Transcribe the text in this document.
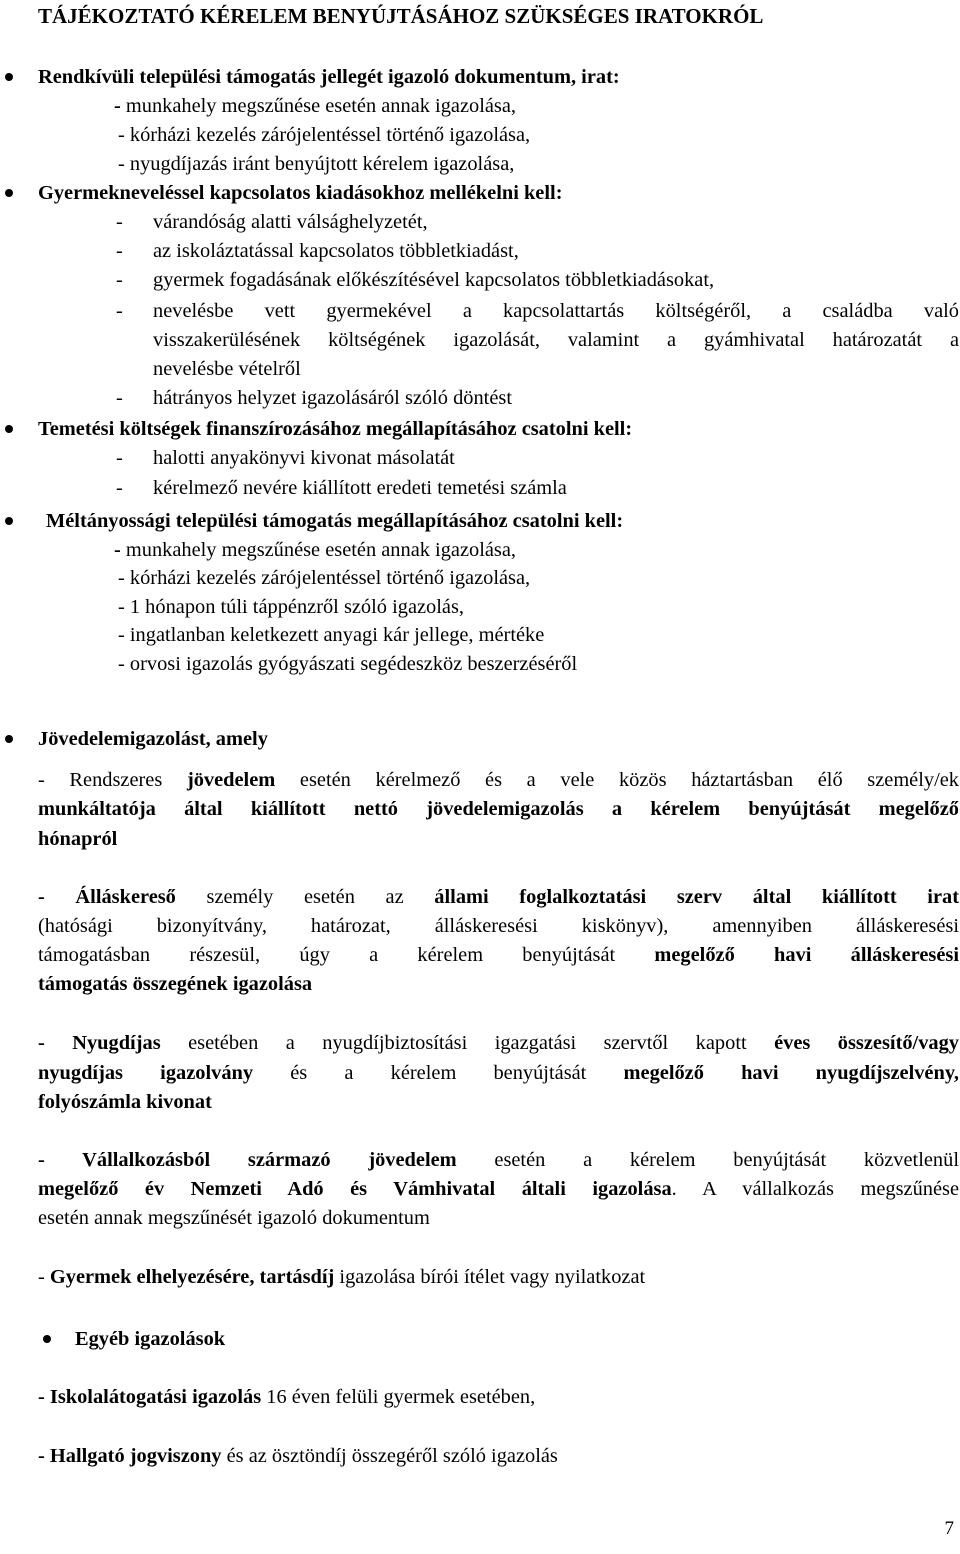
TÁJÉKOZTATÓ KÉRELEM BENYÚJTÁSÁHOZ SZÜKSÉGES IRATOKRÓL
Rendkívüli települési támogatás jellegét igazoló dokumentum, irat:
- munkahely megszűnése esetén annak igazolása,
- kórházi kezelés zárójelentéssel történő igazolása,
- nyugdíjazás iránt benyújtott kérelem igazolása,
Gyermekneveléssel kapcsolatos kiadásokhoz mellékelni kell:
- várandóság alatti válsághelyzetét,
- az iskoláztatással kapcsolatos többletkiadást,
- gyermek fogadásának előkészítésével kapcsolatos többletkiadásokat,
- nevelésbe vett gyermekével a kapcsolattartás költségéről, a családba való
visszakerülésének költségének igazolását, valamint a gyámhivatal határozatát a
nevelésbe vételről
- hátrányos helyzet igazolásáról szóló döntést
Temetési költségek finanszírozásához megállapításához csatolni kell:
- halotti anyakönyvi kivonat másolatát
- kérelmező nevére kiállított eredeti temetési számla
Méltányossági települési támogatás megállapításához csatolni kell:
- munkahely megszűnése esetén annak igazolása,
- kórházi kezelés zárójelentéssel történő igazolása,
- 1 hónapon túli táppénzről szóló igazolás,
- ingatlanban keletkezett anyagi kár jellege, mértéke
- orvosi igazolás gyógyászati segédeszköz beszerzéséről
Jövedelemigazolást, amely
- Rendszeres jövedelem esetén kérelmező és a vele közös háztartásban élő személy/ek
munkáltatója által kiállított nettó jövedelemigazolás a kérelem benyújtását megelőző
hónapról
- Álláskereső személy esetén az állami foglalkoztatási szerv által kiállított irat
(hatósági bizonyítvány, határozat, álláskeresési kiskönyv), amennyiben álláskeresési
támogatásban részesül, úgy a kérelem benyújtását megelőző havi álláskeresési
támogatás összegének igazolása
- Nyugdíjas esetében a nyugdíjbiztosítási igazgatási szervtől kapott éves összesítő/vagy
nyugdíjas igazolvány és a kérelem benyújtását megelőző havi nyugdíjszelvény,
folyószámla kivonat
- Vállalkozásból származó jövedelem esetén a kérelem benyújtását közvetlenül
megelőző év Nemzeti Adó és Vámhivatal általi igazolása. A vállalkozás megszűnése
esetén annak megszűnését igazoló dokumentum
- Gyermek elhelyezésére, tartásdíj igazolása bírói ítélet vagy nyilatkozat
Egyéb igazolások
- Iskolalátogatási igazolás 16 éven felüli gyermek esetében,
- Hallgató jogviszony és az ösztöndíj összegéről szóló igazolás
7
